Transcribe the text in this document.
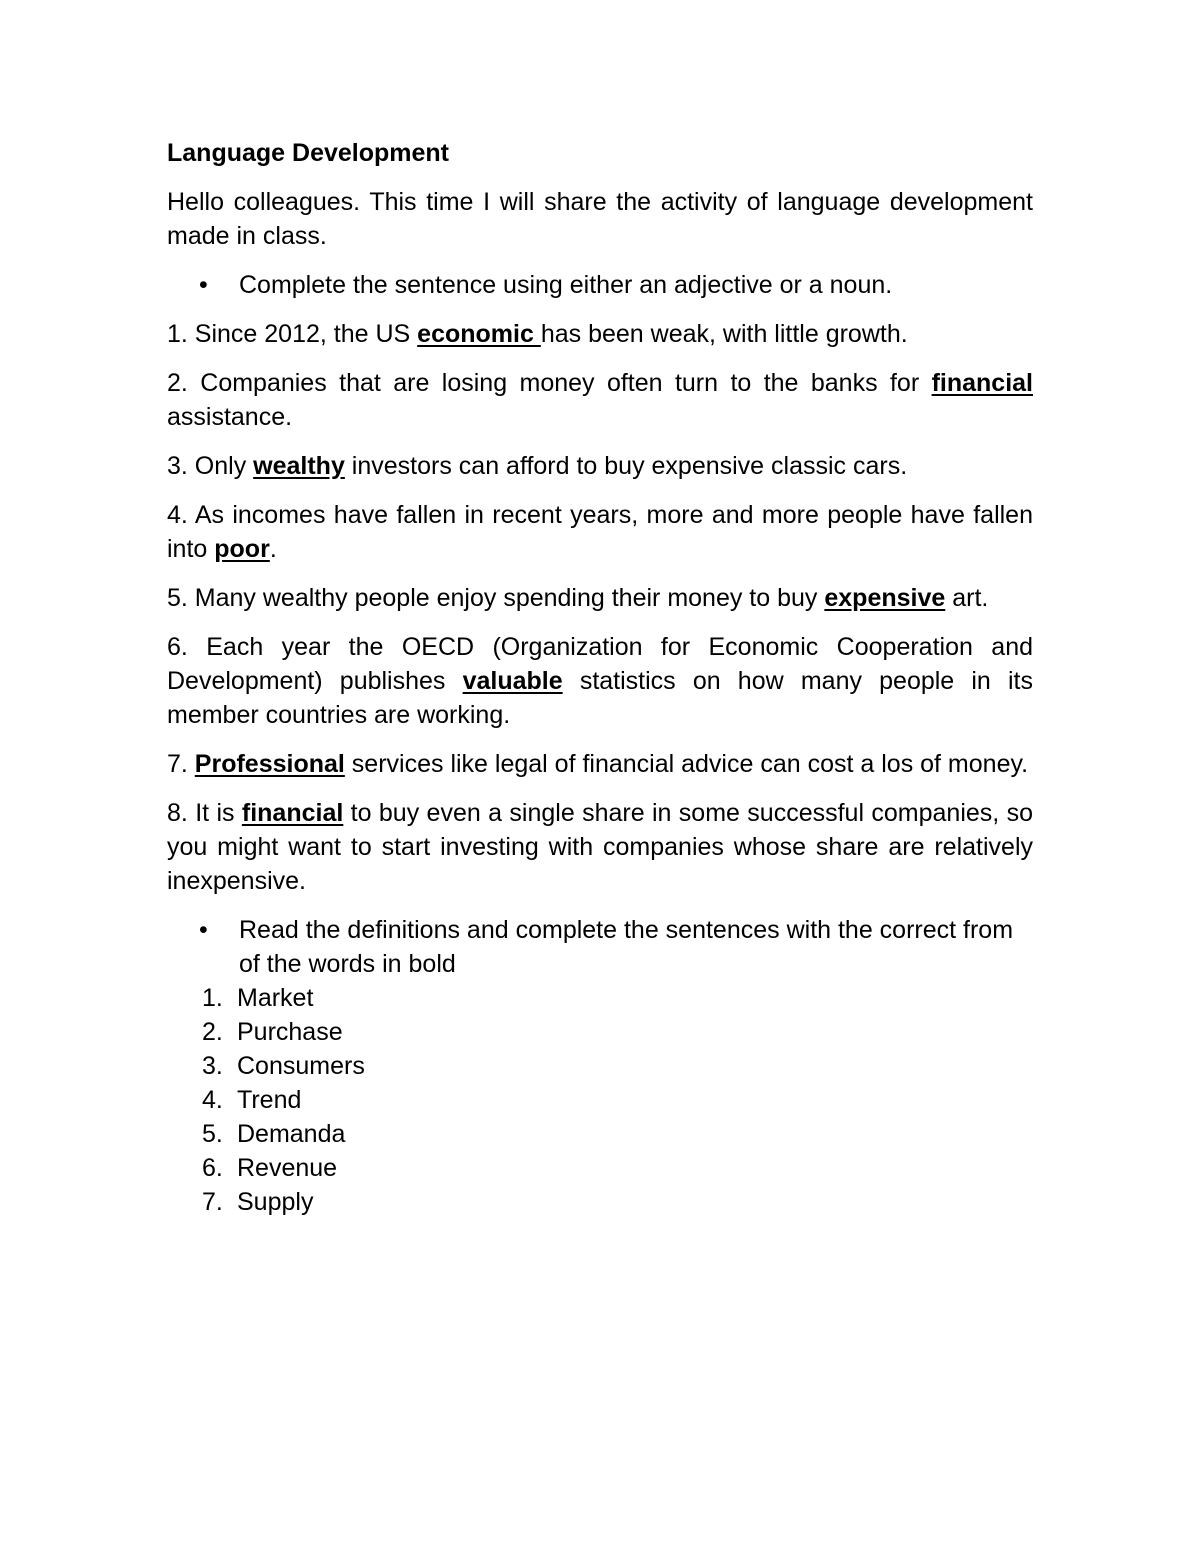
Language Development
Hello colleagues. This time I will share the activity of language development made in class.
•	Complete the sentence using either an adjective or a noun.
1. Since 2012, the US economic has been weak, with little growth.
2. Companies that are losing money often turn to the banks for financial assistance.
3. Only wealthy investors can afford to buy expensive classic cars.
4. As incomes have fallen in recent years, more and more people have fallen into poor.
5. Many wealthy people enjoy spending their money to buy expensive art.
6. Each year the OECD (Organization for Economic Cooperation and Development) publishes valuable statistics on how many people in its member countries are working.
7. Professional services like legal of financial advice can cost a los of money.
8. It is financial to buy even a single share in some successful companies, so you might want to start investing with companies whose share are relatively inexpensive.
•	Read the definitions and complete the sentences with the correct from of the words in bold
1. Market
2. Purchase
3. Consumers
4. Trend
5. Demanda
6. Revenue
7. Supply
